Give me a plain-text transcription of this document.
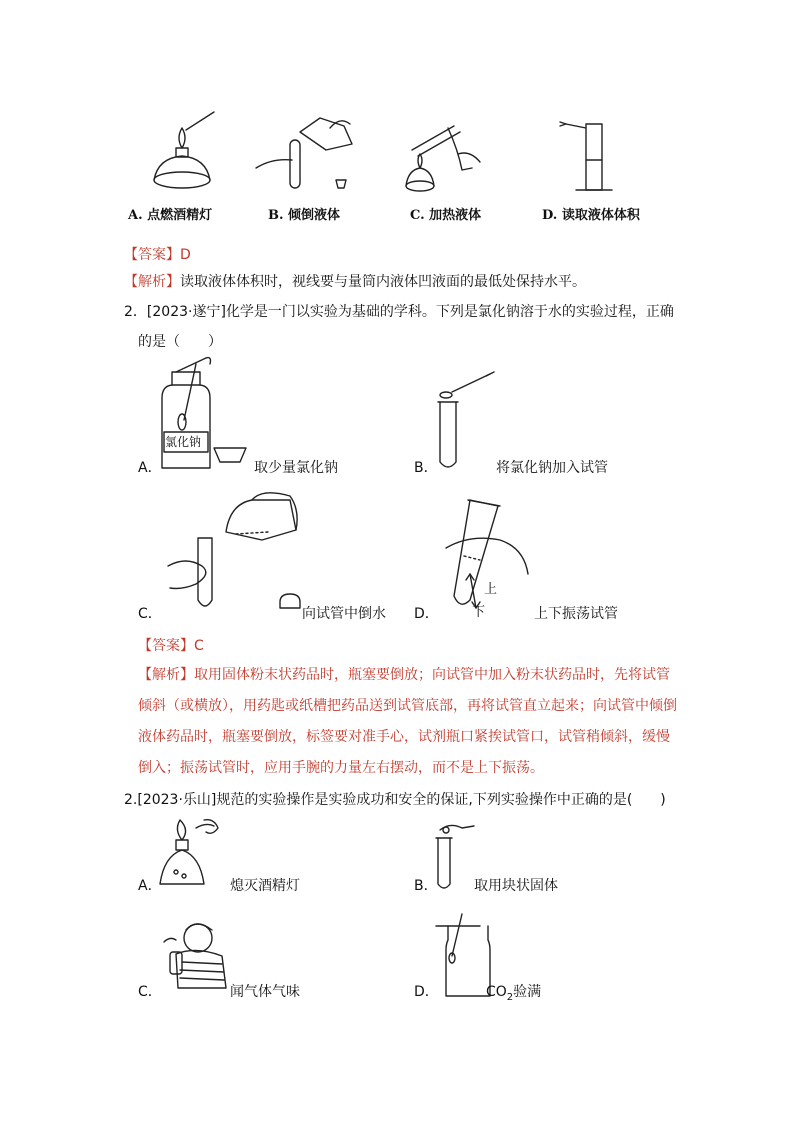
A. 点燃酒精灯	B. 倾倒液体	C. 加热液体	D. 读取液体体积
【答案】D
【解析】读取液体体积时，视线要与量筒内液体凹液面的最低处保持水平。
2．[2023·遂宁]化学是一门以实验为基础的学科。下列是氯化钠溶于水的实验过程，正确
的是（　　）
氯化钠
A．	取少量氯化钠	B．	将氯化钠加入试管
C．	向试管中倒水
上
下
D．	上下振荡试管
【答案】C
【解析】取用固体粉末状药品时，瓶塞要倒放；向试管中加入粉末状药品时，先将试管
倾斜（或横放），用药匙或纸槽把药品送到试管底部，再将试管直立起来；向试管中倾倒
液体药品时，瓶塞要倒放，标签要对准手心，试剂瓶口紧挨试管口，试管稍倾斜，缓慢
倒入；振荡试管时，应用手腕的力量左右摆动，而不是上下振荡。
2.[2023·乐山]规范的实验操作是实验成功和安全的保证,下列实验操作中正确的是(　　)
A．	熄灭酒精灯	B．	取用块状固体
C．	闻气体气味	D．	$CO_2$验满
